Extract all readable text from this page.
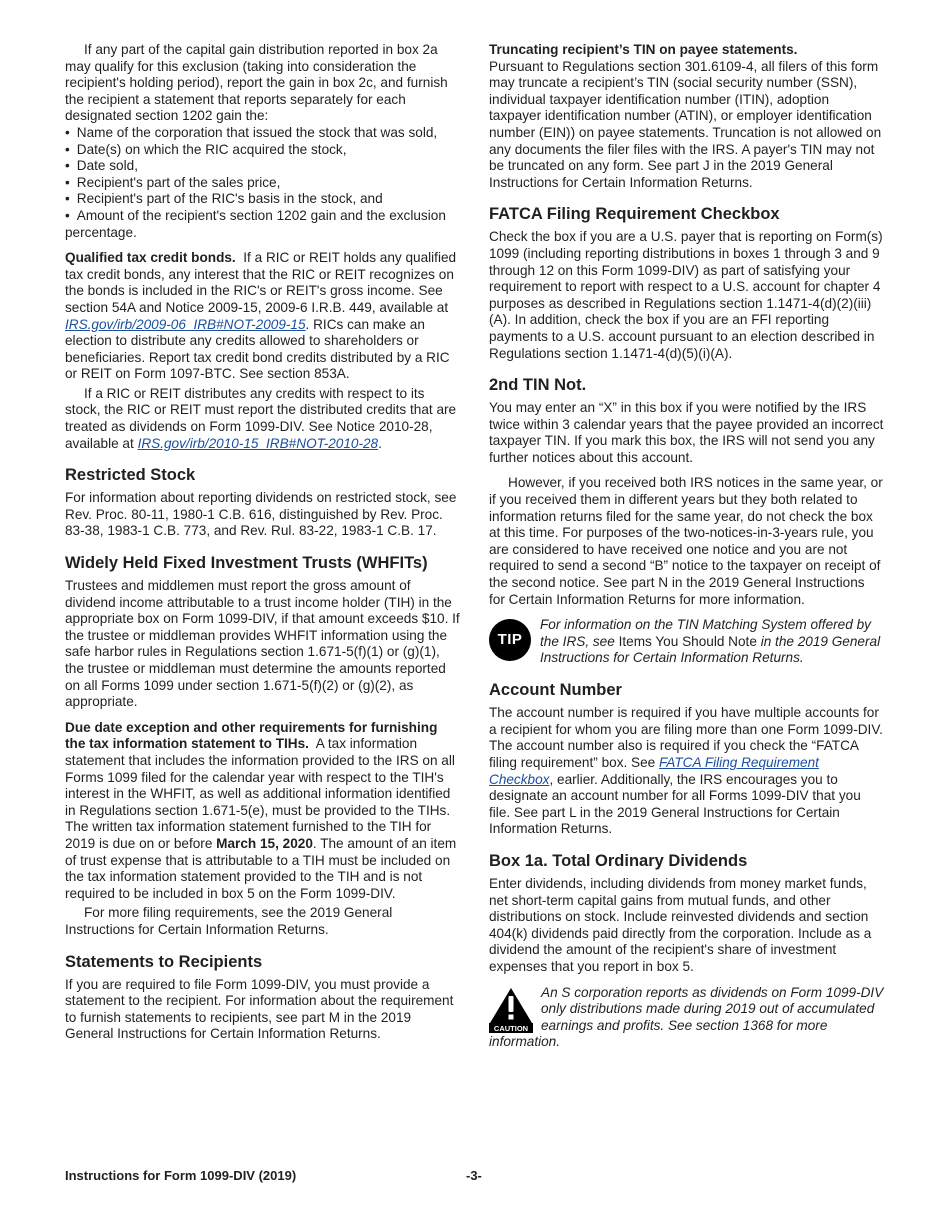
If any part of the capital gain distribution reported in box 2a may qualify for this exclusion (taking into consideration the recipient's holding period), report the gain in box 2c, and furnish the recipient a statement that reports separately for each designated section 1202 gain the:

• Name of the corporation that issued the stock that was sold,
• Date(s) on which the RIC acquired the stock,
• Date sold,
• Recipient's part of the sales price,
• Recipient's part of the RIC's basis in the stock, and
• Amount of the recipient's section 1202 gain and the exclusion percentage.

Qualified tax credit bonds. If a RIC or REIT holds any qualified tax credit bonds, any interest that the RIC or REIT recognizes on the bonds is included in the RIC's or REIT's gross income. See section 54A and Notice 2009-15, 2009-6 I.R.B. 449, available at IRS.gov/irb/2009-06_IRB#NOT-2009-15. RICs can make an election to distribute any credits allowed to shareholders or beneficiaries. Report tax credit bond credits distributed by a RIC or REIT on Form 1097-BTC. See section 853A.

If a RIC or REIT distributes any credits with respect to its stock, the RIC or REIT must report the distributed credits that are treated as dividends on Form 1099-DIV. See Notice 2010-28, available at IRS.gov/irb/2010-15_IRB#NOT-2010-28.

Restricted Stock

For information about reporting dividends on restricted stock, see Rev. Proc. 80-11, 1980-1 C.B. 616, distinguished by Rev. Proc. 83-38, 1983-1 C.B. 773, and Rev. Rul. 83-22, 1983-1 C.B. 17.

Widely Held Fixed Investment Trusts (WHFITs)

Trustees and middlemen must report the gross amount of dividend income attributable to a trust income holder (TIH) in the appropriate box on Form 1099-DIV, if that amount exceeds $10. If the trustee or middleman provides WHFIT information using the safe harbor rules in Regulations section 1.671-5(f)(1) or (g)(1), the trustee or middleman must determine the amounts reported on all Forms 1099 under section 1.671-5(f)(2) or (g)(2), as appropriate.

Due date exception and other requirements for furnishing the tax information statement to TIHs. A tax information statement that includes the information provided to the IRS on all Forms 1099 filed for the calendar year with respect to the TIH's interest in the WHFIT, as well as additional information identified in Regulations section 1.671-5(e), must be provided to the TIHs. The written tax information statement furnished to the TIH for 2019 is due on or before March 15, 2020. The amount of an item of trust expense that is attributable to a TIH must be included on the tax information statement provided to the TIH and is not required to be included in box 5 on the Form 1099-DIV.

For more filing requirements, see the 2019 General Instructions for Certain Information Returns.

Statements to Recipients

If you are required to file Form 1099-DIV, you must provide a statement to the recipient. For information about the requirement to furnish statements to recipients, see part M in the 2019 General Instructions for Certain Information Returns.

Truncating recipient’s TIN on payee statements.
Pursuant to Regulations section 301.6109-4, all filers of this form may truncate a recipient’s TIN (social security number (SSN), individual taxpayer identification number (ITIN), adoption taxpayer identification number (ATIN), or employer identification number (EIN)) on payee statements. Truncation is not allowed on any documents the filer files with the IRS. A payer's TIN may not be truncated on any form. See part J in the 2019 General Instructions for Certain Information Returns.

FATCA Filing Requirement Checkbox

Check the box if you are a U.S. payer that is reporting on Form(s) 1099 (including reporting distributions in boxes 1 through 3 and 9 through 12 on this Form 1099-DIV) as part of satisfying your requirement to report with respect to a U.S. account for chapter 4 purposes as described in Regulations section 1.1471-4(d)(2)(iii)(A). In addition, check the box if you are an FFI reporting payments to a U.S. account pursuant to an election described in Regulations section 1.1471-4(d)(5)(i)(A).

2nd TIN Not.

You may enter an “X” in this box if you were notified by the IRS twice within 3 calendar years that the payee provided an incorrect taxpayer TIN. If you mark this box, the IRS will not send you any further notices about this account.

However, if you received both IRS notices in the same year, or if you received them in different years but they both related to information returns filed for the same year, do not check the box at this time. For purposes of the two-notices-in-3-years rule, you are considered to have received one notice and you are not required to send a second “B” notice to the taxpayer on receipt of the second notice. See part N in the 2019 General Instructions for Certain Information Returns for more information.

TIP
For information on the TIN Matching System offered by the IRS, see Items You Should Note in the 2019 General Instructions for Certain Information Returns.
Account Number

The account number is required if you have multiple accounts for a recipient for whom you are filing more than one Form 1099-DIV. The account number also is required if you check the “FATCA filing requirement” box. See FATCA Filing Requirement Checkbox, earlier. Additionally, the IRS encourages you to designate an account number for all Forms 1099-DIV that you file. See part L in the 2019 General Instructions for Certain Information Returns.

Box 1a. Total Ordinary Dividends

Enter dividends, including dividends from money market funds, net short-term capital gains from mutual funds, and other distributions on stock. Include reinvested dividends and section 404(k) dividends paid directly from the corporation. Include as a dividend the amount of the recipient's share of investment expenses that you report in box 5.

CAUTION
An S corporation reports as dividends on Form 1099-DIV only distributions made during 2019 out of accumulated earnings and profits. See section 1368 for more information.
Instructions for Form 1099-DIV (2019)	-3-
